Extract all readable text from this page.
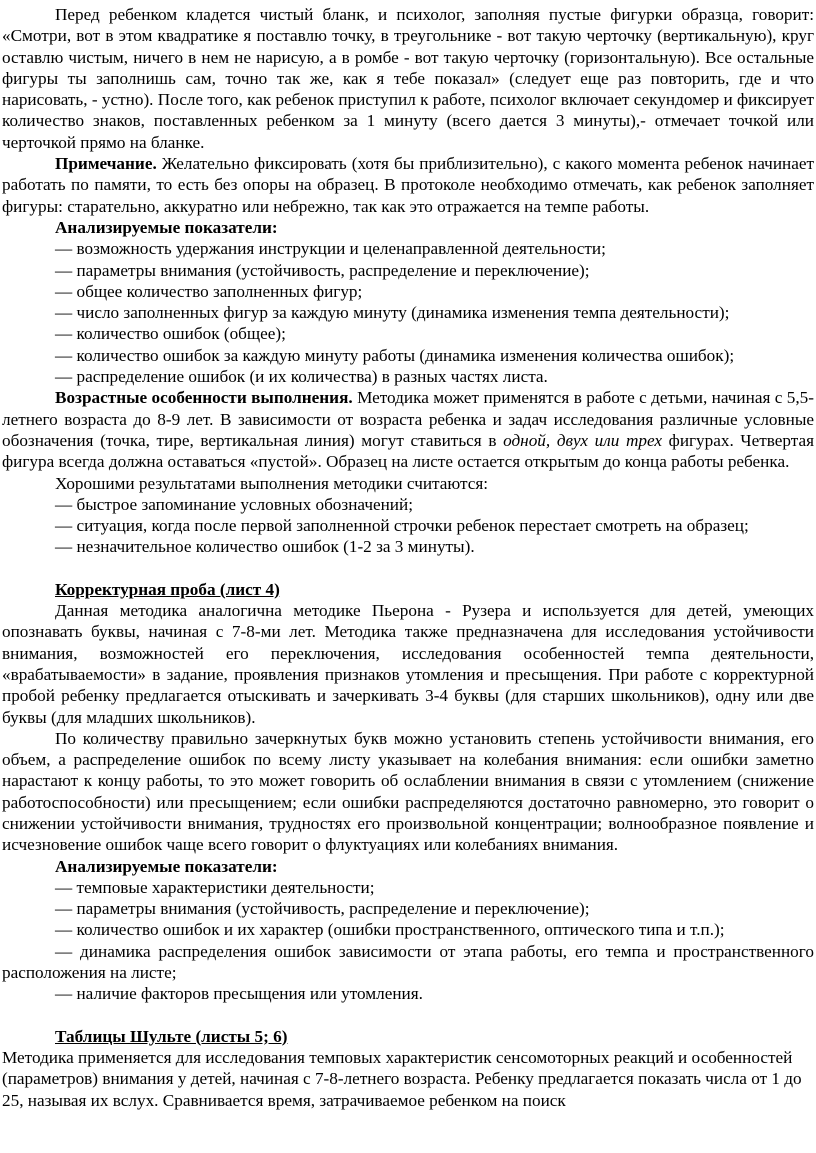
Перед ребенком кладется чистый бланк, и психолог, заполняя пустые фигурки образца, говорит: «Смотри, вот в этом квадратике я поставлю точку, в треугольнике - вот такую черточку (вертикальную), круг оставлю чистым, ничего в нем не нарисую, а в ромбе - вот такую черточку (горизонтальную). Все остальные фигуры ты заполнишь сам, точно так же, как я тебе показал» (следует еще раз повторить, где и что нарисовать, - устно). После того, как ребенок приступил к работе, психолог включает секундомер и фиксирует количество знаков, поставленных ребенком за 1 минуту (всего дается 3 минуты),- отмечает точкой или черточкой прямо на бланке.

Примечание. Желательно фиксировать (хотя бы приблизительно), с какого момента ребенок начинает работать по памяти, то есть без опоры на образец. В протоколе необходимо отмечать, как ребенок заполняет фигуры: старательно, аккуратно или небрежно, так как это отражается на темпе работы.

Анализируемые показатели:

— возможность удержания инструкции и целенаправленной деятельности;

— параметры внимания (устойчивость, распределение и переключение);

— общее количество заполненных фигур;

— число заполненных фигур за каждую минуту (динамика изменения темпа деятельности);

— количество ошибок (общее);

— количество ошибок за каждую минуту работы (динамика изменения количества ошибок);

— распределение ошибок (и их количества) в разных частях листа.

Возрастные особенности выполнения. Методика может применятся в работе с детьми, начиная с 5,5-летнего возраста до 8-9 лет. В зависимости от возраста ребенка и задач исследования различные условные обозначения (точка, тире, вертикальная линия) могут ставиться в одной, двух или трех фигурах. Четвертая фигура всегда должна оставаться «пустой». Образец на листе остается открытым до конца работы ребенка.

Хорошими результатами выполнения методики считаются:

— быстрое запоминание условных обозначений;

— ситуация, когда после первой заполненной строчки ребенок перестает смотреть на образец;

— незначительное количество ошибок (1-2 за 3 минуты).

Корректурная проба (лист 4)

Данная методика аналогична методике Пьерона - Рузера и используется для детей, умеющих опознавать буквы, начиная с 7-8-ми лет. Методика также предназначена для исследования устойчивости внимания, возможностей его переключения, исследования особенностей темпа деятельности, «врабатываемости» в задание, проявления признаков утомления и пресыщения. При работе с корректурной пробой ребенку предлагается отыскивать и зачеркивать 3-4 буквы (для старших школьников), одну или две буквы (для младших школьников).

По количеству правильно зачеркнутых букв можно установить степень устойчивости внимания, его объем, а распределение ошибок по всему листу указывает на колебания внимания: если ошибки заметно нарастают к концу работы, то это может говорить об ослаблении внимания в связи с утомлением (снижение работоспособности) или пресыщением; если ошибки распределяются достаточно равномерно, это говорит о снижении устойчивости внимания, трудностях его произвольной концентрации; волнообразное появление и исчезновение ошибок чаще всего говорит о флуктуациях или колебаниях внимания.

Анализируемые показатели:

— темповые характеристики деятельности;

— параметры внимания (устойчивость, распределение и переключение);

— количество ошибок и их характер (ошибки пространственного, оптического типа и т.п.);

— динамика распределения ошибок зависимости от этапа работы, его темпа и пространственного расположения на листе;

— наличие факторов пресыщения или утомления.

Таблицы Шульте (листы 5; 6)

Методика применяется для исследования темповых характеристик сенсомоторных реакций и особенностей (параметров) внимания у детей, начиная с 7-8-летнего возраста. Ребенку предлагается показать числа от 1 до 25, называя их вслух. Сравнивается время, затрачиваемое ребенком на поиск
